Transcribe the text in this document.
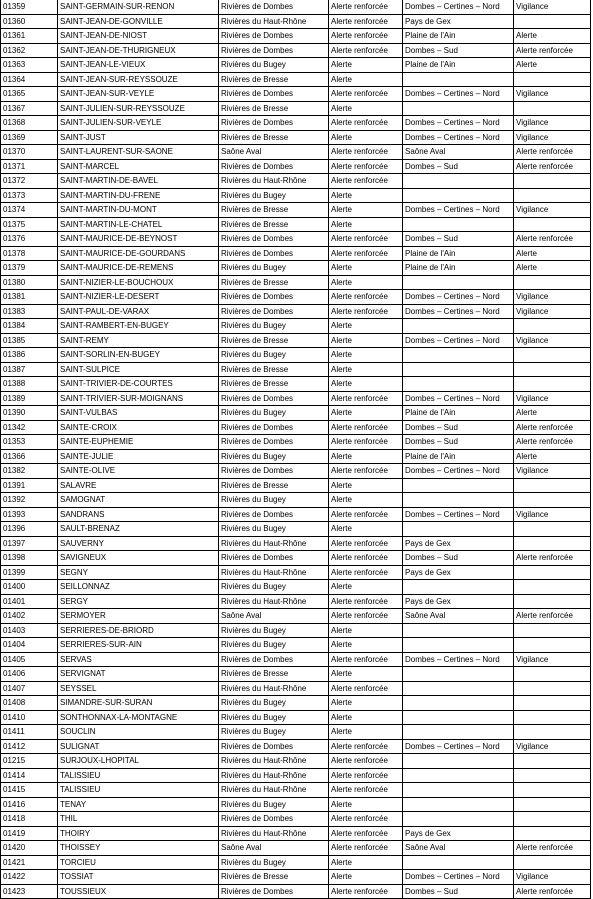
01359	SAINT-GERMAIN-SUR-RENON	Rivières de Dombes	Alerte renforcée	Dombes – Certines – Nord	Vigilance
01360	SAINT-JEAN-DE-GONVILLE	Rivières du Haut-Rhône	Alerte renforcée	Pays de Gex	
01361	SAINT-JEAN-DE-NIOST	Rivières de Dombes	Alerte renforcée	Plaine de l'Ain	Alerte
01362	SAINT-JEAN-DE-THURIGNEUX	Rivières de Dombes	Alerte renforcée	Dombes – Sud	Alerte renforcée
01363	SAINT-JEAN-LE-VIEUX	Rivières du Bugey	Alerte	Plaine de l'Ain	Alerte
01364	SAINT-JEAN-SUR-REYSSOUZE	Rivières de Bresse	Alerte		
01365	SAINT-JEAN-SUR-VEYLE	Rivières de Dombes	Alerte renforcée	Dombes – Certines – Nord	Vigilance
01367	SAINT-JULIEN-SUR-REYSSOUZE	Rivières de Bresse	Alerte		
01368	SAINT-JULIEN-SUR-VEYLE	Rivières de Dombes	Alerte renforcée	Dombes – Certines – Nord	Vigilance
01369	SAINT-JUST	Rivières de Bresse	Alerte	Dombes – Certines – Nord	Vigilance
01370	SAINT-LAURENT-SUR-SAONE	Saône Aval	Alerte renforcée	Saône Aval	Alerte renforcée
01371	SAINT-MARCEL	Rivières de Dombes	Alerte renforcée	Dombes – Sud	Alerte renforcée
01372	SAINT-MARTIN-DE-BAVEL	Rivières du Haut-Rhône	Alerte renforcée		
01373	SAINT-MARTIN-DU-FRENE	Rivières du Bugey	Alerte		
01374	SAINT-MARTIN-DU-MONT	Rivières de Bresse	Alerte	Dombes – Certines – Nord	Vigilance
01375	SAINT-MARTIN-LE-CHATEL	Rivières de Bresse	Alerte		
01376	SAINT-MAURICE-DE-BEYNOST	Rivières de Dombes	Alerte renforcée	Dombes – Sud	Alerte renforcée
01378	SAINT-MAURICE-DE-GOURDANS	Rivières de Dombes	Alerte renforcée	Plaine de l'Ain	Alerte
01379	SAINT-MAURICE-DE-REMENS	Rivières du Bugey	Alerte	Plaine de l'Ain	Alerte
01380	SAINT-NIZIER-LE-BOUCHOUX	Rivières de Bresse	Alerte		
01381	SAINT-NIZIER-LE-DESERT	Rivières de Dombes	Alerte renforcée	Dombes – Certines – Nord	Vigilance
01383	SAINT-PAUL-DE-VARAX	Rivières de Dombes	Alerte renforcée	Dombes – Certines – Nord	Vigilance
01384	SAINT-RAMBERT-EN-BUGEY	Rivières du Bugey	Alerte		
01385	SAINT-REMY	Rivières de Bresse	Alerte	Dombes – Certines – Nord	Vigilance
01386	SAINT-SORLIN-EN-BUGEY	Rivières du Bugey	Alerte		
01387	SAINT-SULPICE	Rivières de Bresse	Alerte		
01388	SAINT-TRIVIER-DE-COURTES	Rivières de Bresse	Alerte		
01389	SAINT-TRIVIER-SUR-MOIGNANS	Rivières de Dombes	Alerte renforcée	Dombes – Certines – Nord	Vigilance
01390	SAINT-VULBAS	Rivières du Bugey	Alerte	Plaine de l'Ain	Alerte
01342	SAINTE-CROIX	Rivières de Dombes	Alerte renforcée	Dombes – Sud	Alerte renforcée
01353	SAINTE-EUPHEMIE	Rivières de Dombes	Alerte renforcée	Dombes – Sud	Alerte renforcée
01366	SAINTE-JULIE	Rivières du Bugey	Alerte	Plaine de l'Ain	Alerte
01382	SAINTE-OLIVE	Rivières de Dombes	Alerte renforcée	Dombes – Certines – Nord	Vigilance
01391	SALAVRE	Rivières de Bresse	Alerte		
01392	SAMOGNAT	Rivières du Bugey	Alerte		
01393	SANDRANS	Rivières de Dombes	Alerte renforcée	Dombes – Certines – Nord	Vigilance
01396	SAULT-BRENAZ	Rivières du Bugey	Alerte		
01397	SAUVERNY	Rivières du Haut-Rhône	Alerte renforcée	Pays de Gex	
01398	SAVIGNEUX	Rivières de Dombes	Alerte renforcée	Dombes – Sud	Alerte renforcée
01399	SEGNY	Rivières du Haut-Rhône	Alerte renforcée	Pays de Gex	
01400	SEILLONNAZ	Rivières du Bugey	Alerte		
01401	SERGY	Rivières du Haut-Rhône	Alerte renforcée	Pays de Gex	
01402	SERMOYER	Saône Aval	Alerte renforcée	Saône Aval	Alerte renforcée
01403	SERRIERES-DE-BRIORD	Rivières du Bugey	Alerte		
01404	SERRIERES-SUR-AIN	Rivières du Bugey	Alerte		
01405	SERVAS	Rivières de Dombes	Alerte renforcée	Dombes – Certines – Nord	Vigilance
01406	SERVIGNAT	Rivières de Bresse	Alerte		
01407	SEYSSEL	Rivières du Haut-Rhône	Alerte renforcée		
01408	SIMANDRE-SUR-SURAN	Rivières du Bugey	Alerte		
01410	SONTHONNAX-LA-MONTAGNE	Rivières du Bugey	Alerte		
01411	SOUCLIN	Rivières du Bugey	Alerte		
01412	SULIGNAT	Rivières de Dombes	Alerte renforcée	Dombes – Certines – Nord	Vigilance
01215	SURJOUX-LHOPITAL	Rivières du Haut-Rhône	Alerte renforcée		
01414	TALISSIEU	Rivières du Haut-Rhône	Alerte renforcée		
01415	TALISSIEU	Rivières du Haut-Rhône	Alerte renforcée		
01416	TENAY	Rivières du Bugey	Alerte		
01418	THIL	Rivières de Dombes	Alerte renforcée		
01419	THOIRY	Rivières du Haut-Rhône	Alerte renforcée	Pays de Gex	
01420	THOISSEY	Saône Aval	Alerte renforcée	Saône Aval	Alerte renforcée
01421	TORCIEU	Rivières du Bugey	Alerte		
01422	TOSSIAT	Rivières de Bresse	Alerte	Dombes – Certines – Nord	Vigilance
01423	TOUSSIEUX	Rivières de Dombes	Alerte renforcée	Dombes – Sud	Alerte renforcée
